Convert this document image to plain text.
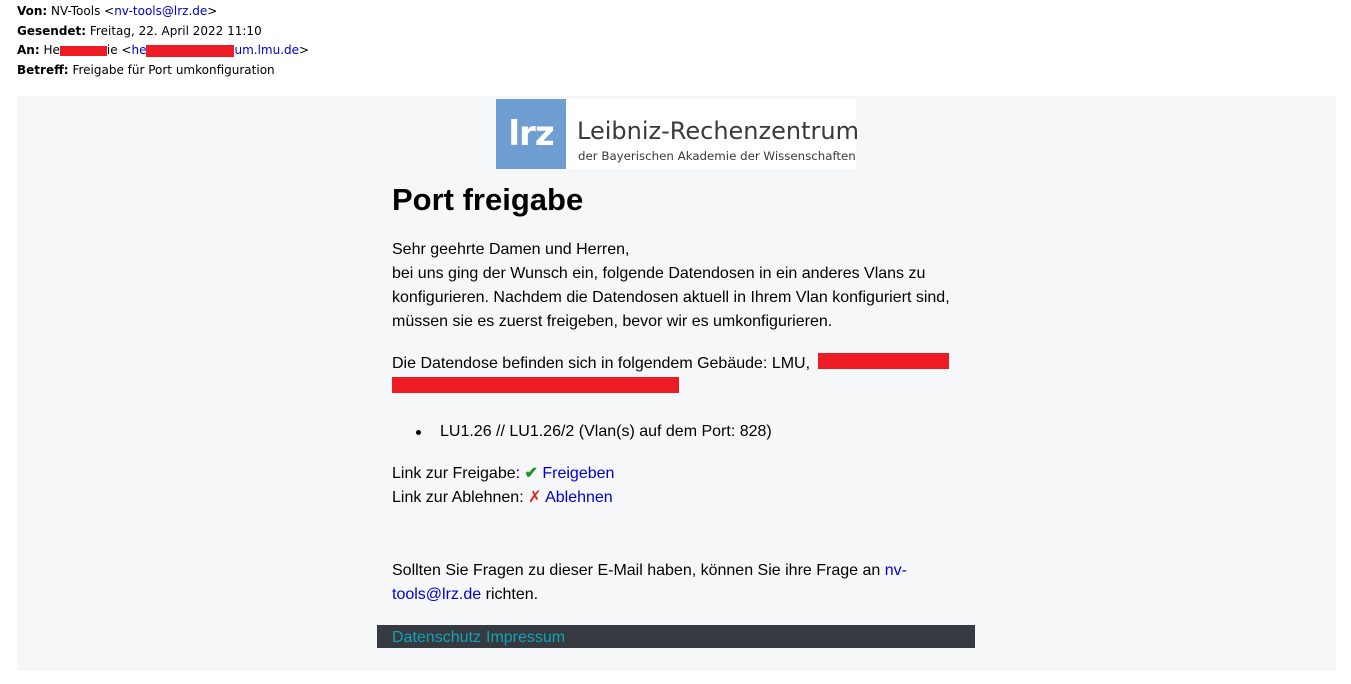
Von: NV-Tools <nv-tools@lrz.de>
Gesendet: Freitag, 22. April 2022 11:10
An: He	ie <he	um.lmu.de>
Betreff: Freigabe für Port umkonfiguration
lrz Leibniz-Rechenzentrum
der Bayerischen Akademie der Wissenschaften
Port freigabe

Sehr geehrte Damen und Herren,

bei uns ging der Wunsch ein, folgende Datendosen in ein anderes Vlans zu konfigurieren. Nachdem die Datendosen aktuell in Ihrem Vlan konfiguriert sind, müssen sie es zuerst freigeben, bevor wir es umkonfigurieren.

Die Datendose befinden sich in folgendem Gebäude: LMU,

LU1.26 // LU1.26/2 (Vlan(s) auf dem Port: 828)
Link zur Freigabe: ✔ Freigeben
Link zur Ablehnen: ✗ Ablehnen
Sollten Sie Fragen zu dieser E-Mail haben, können Sie ihre Frage an nv-tools@lrz.de richten.
Datenschutz Impressum
